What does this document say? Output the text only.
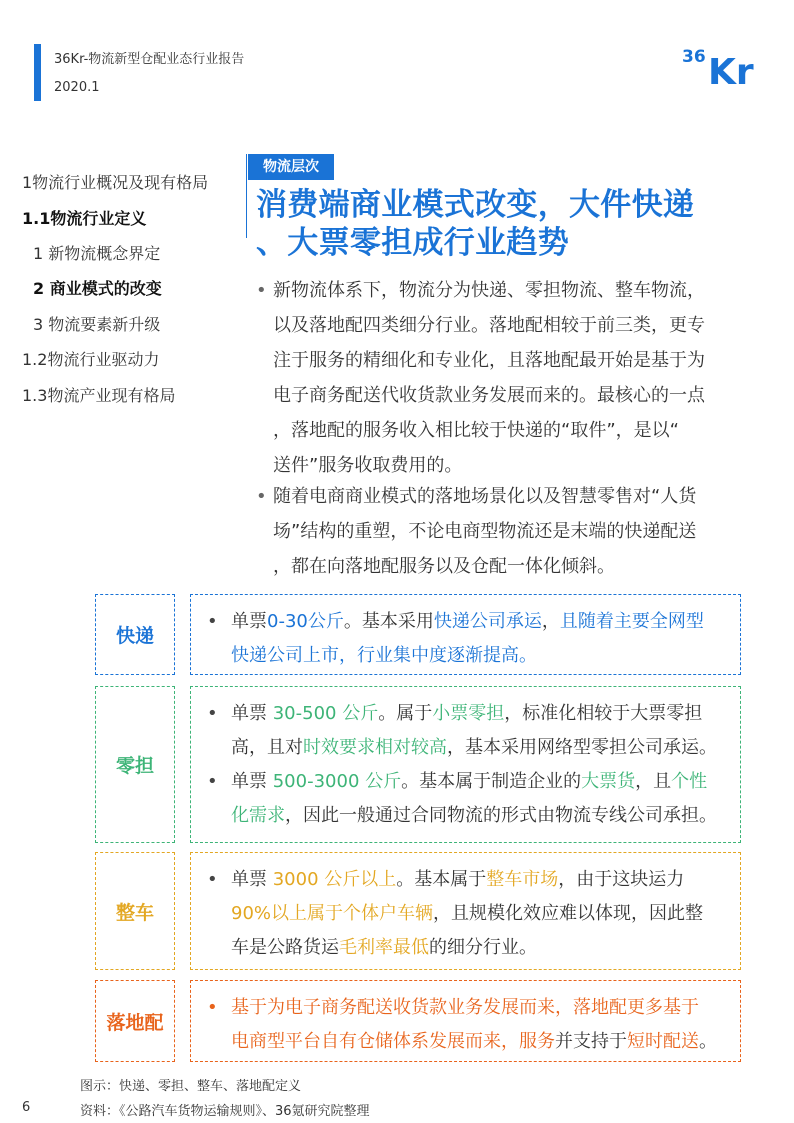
36Kr-物流新型仓配业态行业报告
2020.1
36 Kr
1物流行业概况及现有格局
1.1物流行业定义
1 新物流概念界定
2 商业模式的改变
3 物流要素新升级
1.2物流行业驱动力
1.3物流产业现有格局
物流层次
消费端商业模式改变，大件快递
、大票零担成行业趋势
• 新物流体系下，物流分为快递、零担物流、整车物流，
以及落地配四类细分行业。落地配相较于前三类，更专
注于服务的精细化和专业化，且落地配最开始是基于为
电子商务配送代收货款业务发展而来的。最核心的一点
，落地配的服务收入相比较于快递的“取件”，是以“
送件”服务收取费用的。
• 随着电商商业模式的落地场景化以及智慧零售对“人货
场”结构的重塑，不论电商型物流还是末端的快递配送
，都在向落地配服务以及仓配一体化倾斜。
快递
• 单票0-30公斤。基本采用快递公司承运，且随着主要全网型
快递公司上市，行业集中度逐渐提高。
零担
• 单票 30-500 公斤。属于小票零担，标准化相较于大票零担
高，且对时效要求相对较高，基本采用网络型零担公司承运。
• 单票 500-3000 公斤。基本属于制造企业的大票货，且个性
化需求，因此一般通过合同物流的形式由物流专线公司承担。
整车
• 单票 3000 公斤以上。基本属于整车市场，由于这块运力
90%以上属于个体户车辆，且规模化效应难以体现，因此整
车是公路货运毛利率最低的细分行业。
落地配
• 基于为电子商务配送收货款业务发展而来，落地配更多基于
电商型平台自有仓储体系发展而来，服务并支持于短时配送。
图示：快递、零担、整车、落地配定义
资料：《公路汽车货物运输规则》、36氪研究院整理
6
